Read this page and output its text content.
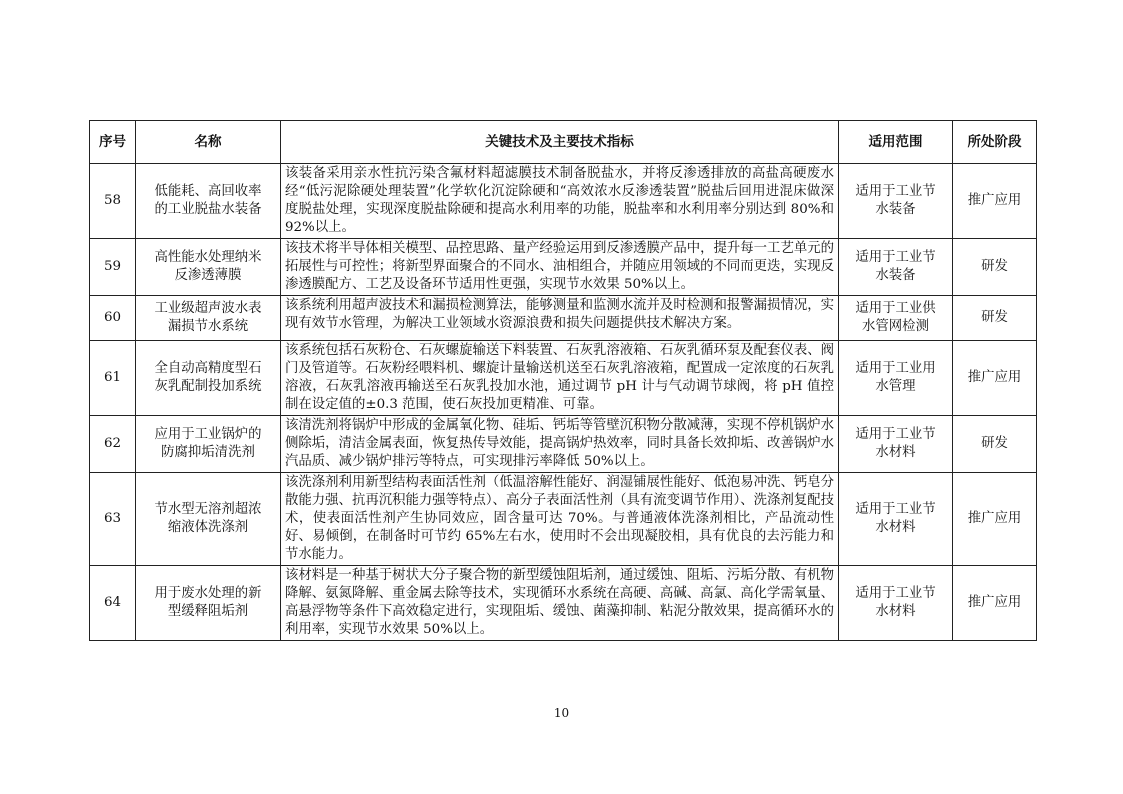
序号	名称	关键技术及主要技术指标	适用范围	所处阶段
58	低能耗、高回收率的工业脱盐水装备	该装备采用亲水性抗污染含氟材料超滤膜技术制备脱盐水，并将反渗透排放的高盐高硬废水经“低污泥除硬处理装置”化学软化沉淀除硬和“高效浓水反渗透装置”脱盐后回用进混床做深度脱盐处理，实现深度脱盐除硬和提高水利用率的功能，脱盐率和水利用率分别达到 80%和 92%以上。	适用于工业节水装备	推广应用
59	高性能水处理纳米反渗透薄膜	该技术将半导体相关模型、品控思路、量产经验运用到反渗透膜产品中，提升每一工艺单元的拓展性与可控性；将新型界面聚合的不同水、油相组合，并随应用领域的不同而更迭，实现反渗透膜配方、工艺及设备环节适用性更强，实现节水效果 50%以上。	适用于工业节水装备	研发
60	工业级超声波水表漏损节水系统	该系统利用超声波技术和漏损检测算法，能够测量和监测水流并及时检测和报警漏损情况，实现有效节水管理，为解决工业领域水资源浪费和损失问题提供技术解决方案。	适用于工业供水管网检测	研发
61	全自动高精度型石灰乳配制投加系统	该系统包括石灰粉仓、石灰螺旋输送下料装置、石灰乳溶液箱、石灰乳循环泵及配套仪表、阀门及管道等。石灰粉经喂料机、螺旋计量输送机送至石灰乳溶液箱，配置成一定浓度的石灰乳溶液，石灰乳溶液再输送至石灰乳投加水池，通过调节 pH 计与气动调节球阀，将 pH 值控制在设定值的±0.3 范围，使石灰投加更精准、可靠。	适用于工业用水管理	推广应用
62	应用于工业锅炉的防腐抑垢清洗剂	该清洗剂将锅炉中形成的金属氧化物、硅垢、钙垢等管壁沉积物分散减薄，实现不停机锅炉水侧除垢，清洁金属表面，恢复热传导效能，提高锅炉热效率，同时具备长效抑垢、改善锅炉水汽品质、减少锅炉排污等特点，可实现排污率降低 50%以上。	适用于工业节水材料	研发
63	节水型无溶剂超浓缩液体洗涤剂	该洗涤剂利用新型结构表面活性剂（低温溶解性能好、润湿铺展性能好、低泡易冲洗、钙皂分散能力强、抗再沉积能力强等特点）、高分子表面活性剂（具有流变调节作用）、洗涤剂复配技术，使表面活性剂产生协同效应，固含量可达 70%。与普通液体洗涤剂相比，产品流动性好、易倾倒，在制备时可节约 65%左右水，使用时不会出现凝胶相，具有优良的去污能力和节水能力。	适用于工业节水材料	推广应用
64	用于废水处理的新型缓释阻垢剂	该材料是一种基于树状大分子聚合物的新型缓蚀阻垢剂，通过缓蚀、阻垢、污垢分散、有机物降解、氨氮降解、重金属去除等技术，实现循环水系统在高硬、高碱、高氯、高化学需氧量、高悬浮物等条件下高效稳定进行，实现阻垢、缓蚀、菌藻抑制、粘泥分散效果，提高循环水的利用率，实现节水效果 50%以上。	适用于工业节水材料	推广应用
10
